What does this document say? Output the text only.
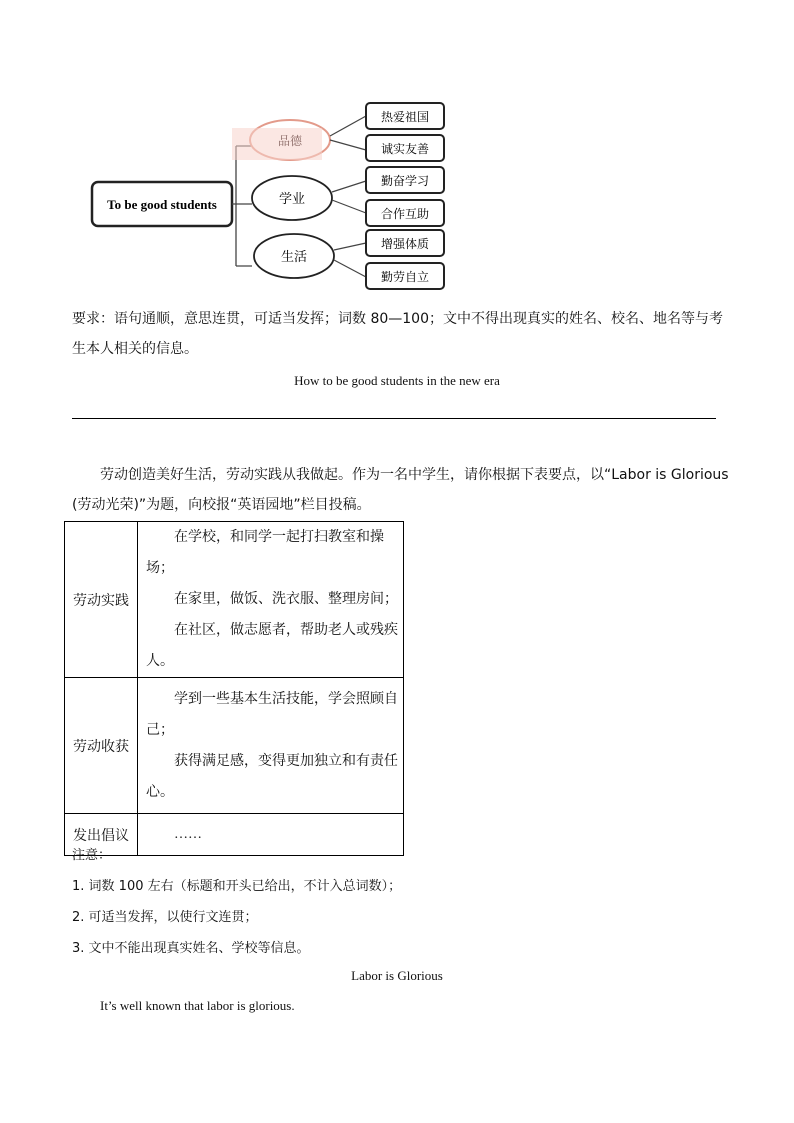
To be good students
品德
学业
生活
热爱祖国
诚实友善
勤奋学习
合作互助
增强体质
勤劳自立
要求：语句通顺，意思连贯，可适当发挥；词数 80—100；文中不得出现真实的姓名、校名、地名等与考生本人相关的信息。
How to be good students in the new era
劳动创造美好生活，劳动实践从我做起。作为一名中学生，请你根据下表要点，以“Labor is Glorious (劳动光荣)”为题，向校报“英语园地”栏目投稿。
劳动实践	在学校，和同学一起打扫教室和操场；
在家里，做饭、洗衣服、整理房间；
在社区，做志愿者，帮助老人或残疾人。

劳动收获	学到一些基本生活技能，学会照顾自己；
获得满足感，变得更加独立和有责任心。

发出倡议	……
注意：
1. 词数 100 左右（标题和开头已给出，不计入总词数）；
2. 可适当发挥，以使行文连贯；
3. 文中不能出现真实姓名、学校等信息。
Labor is Glorious
It’s well known that labor is glorious.
